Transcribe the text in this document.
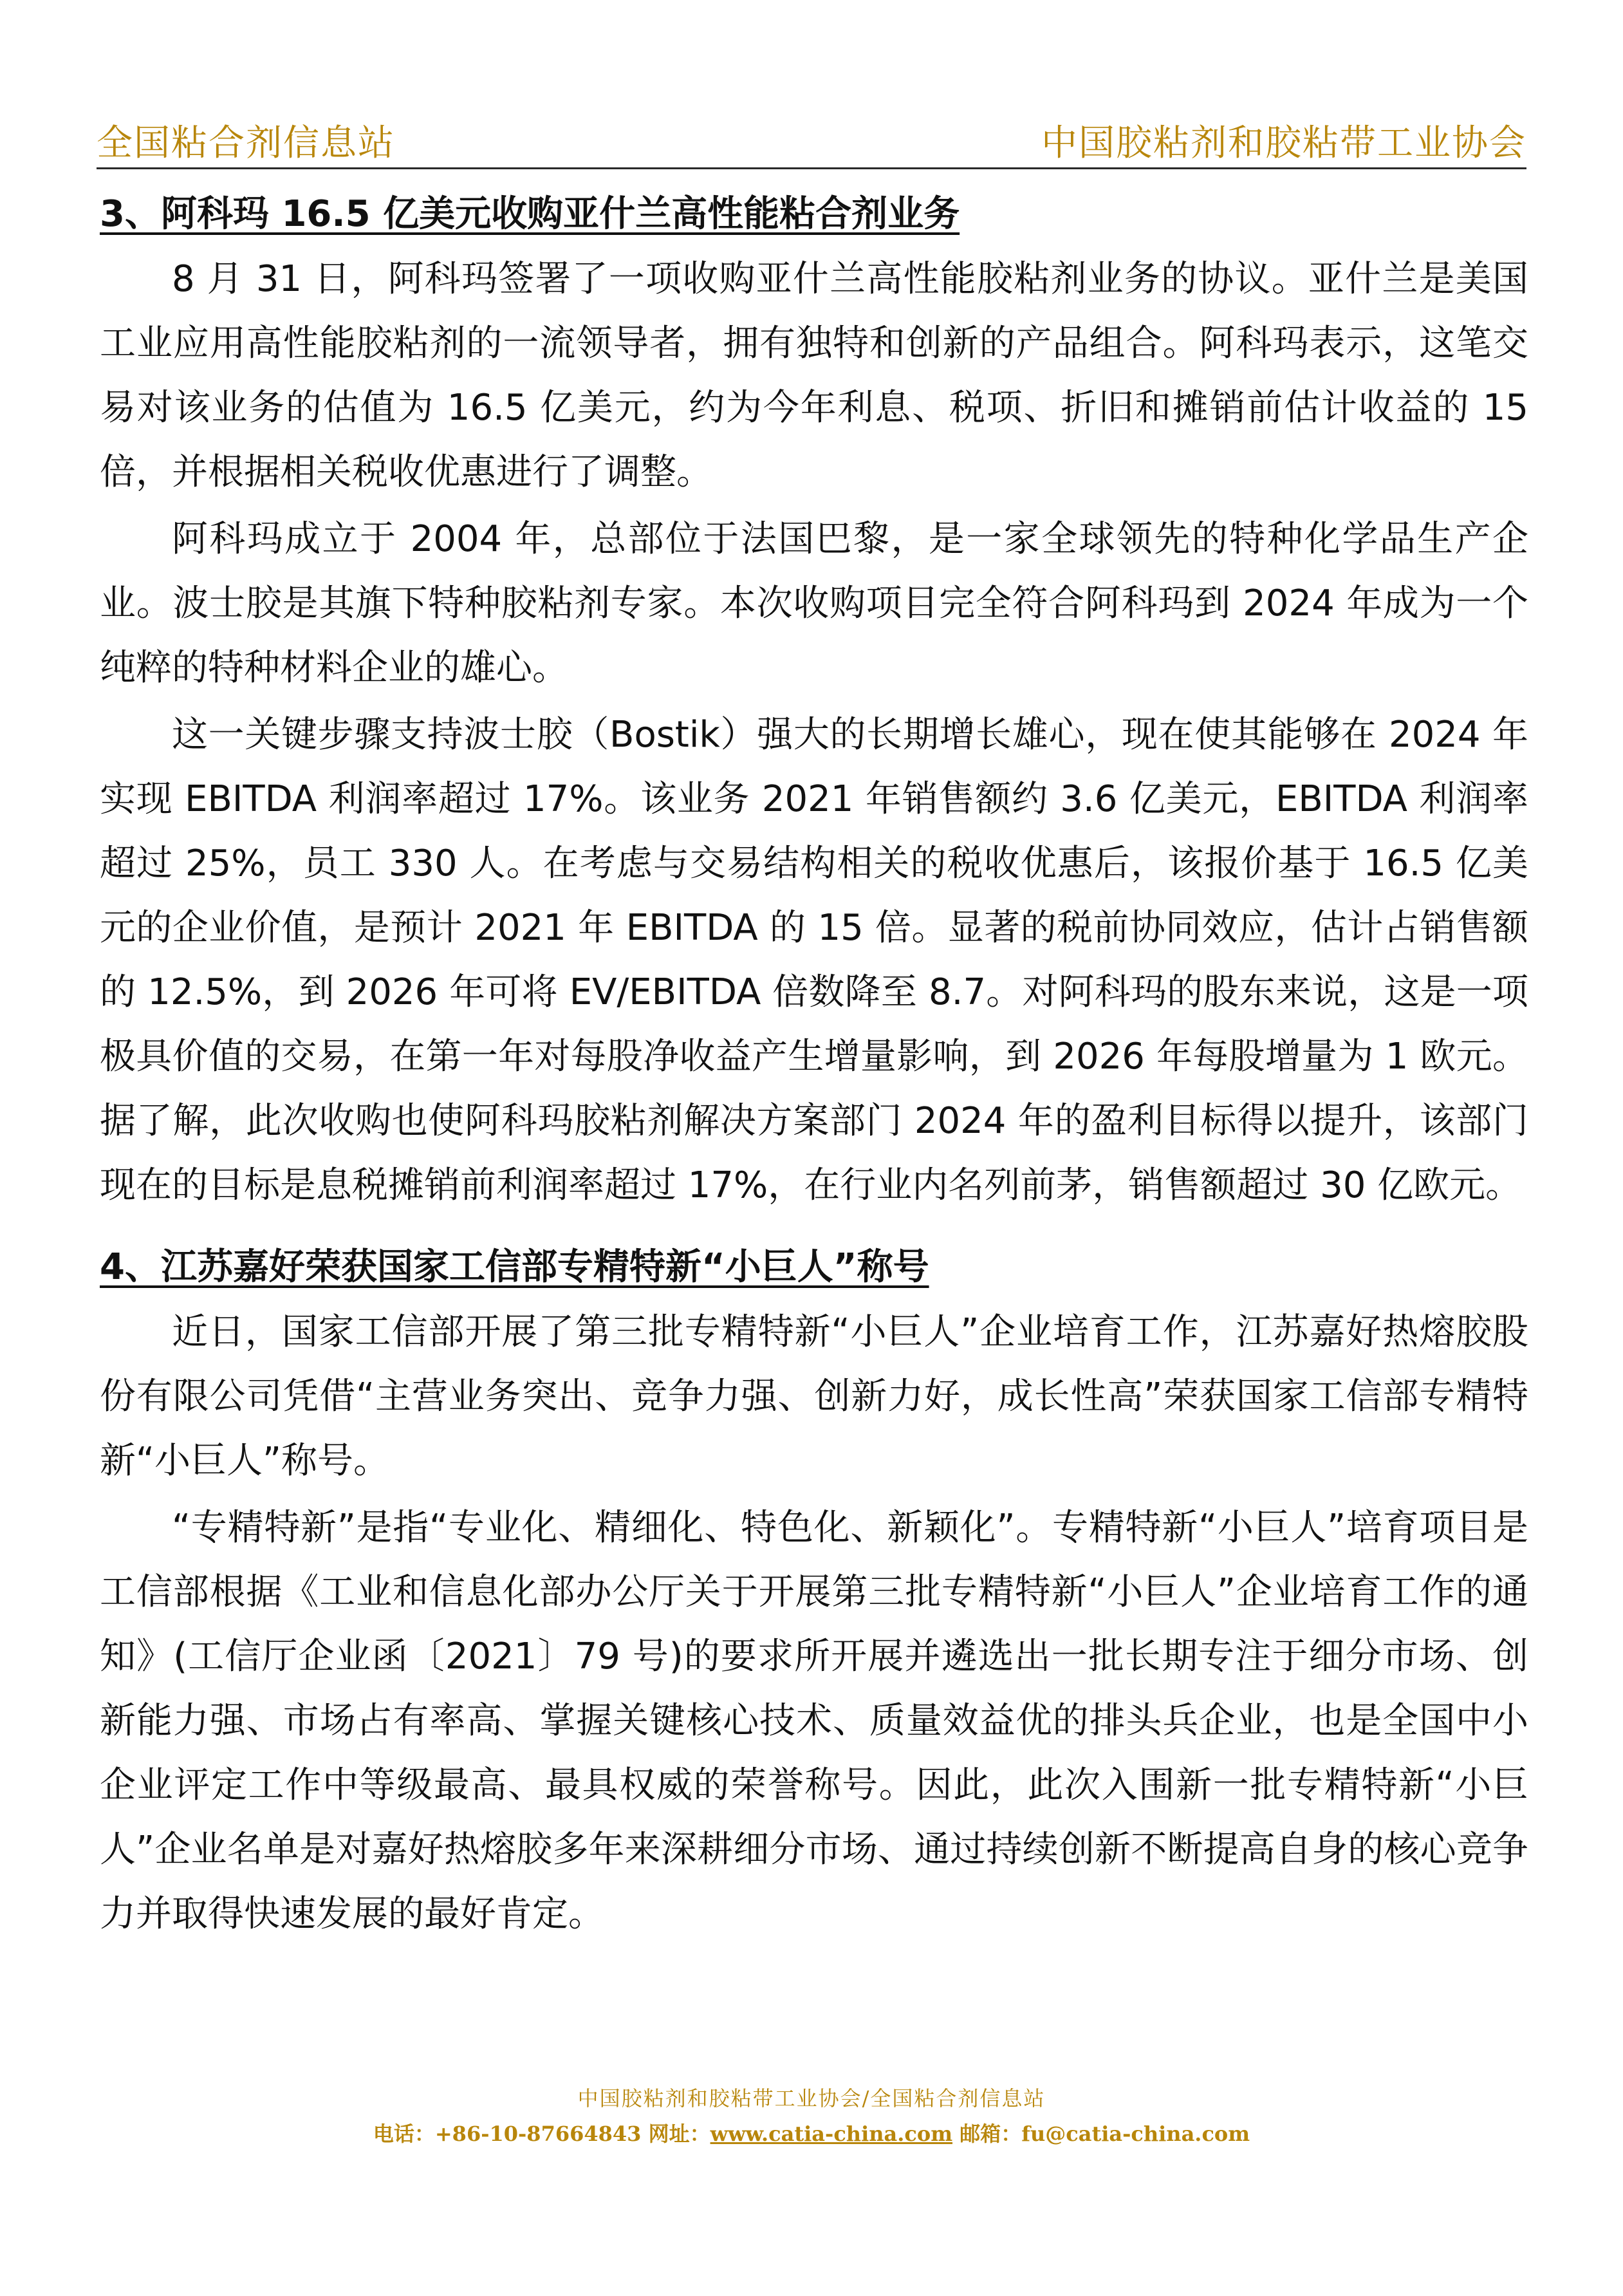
全国粘合剂信息站	中国胶粘剂和胶粘带工业协会
3、阿科玛 16.5 亿美元收购亚什兰高性能粘合剂业务

8 月 31 日，阿科玛签署了一项收购亚什兰高性能胶粘剂业务的协议。亚什兰是美国工业应用高性能胶粘剂的一流领导者，拥有独特和创新的产品组合。阿科玛表示，这笔交易对该业务的估值为 16.5 亿美元，约为今年利息、税项、折旧和摊销前估计收益的 15 倍，并根据相关税收优惠进行了调整。

阿科玛成立于 2004 年，总部位于法国巴黎，是一家全球领先的特种化学品生产企业。波士胶是其旗下特种胶粘剂专家。本次收购项目完全符合阿科玛到 2024 年成为一个纯粹的特种材料企业的雄心。

这一关键步骤支持波士胶（Bostik）强大的长期增长雄心，现在使其能够在 2024 年实现 EBITDA 利润率超过 17%。该业务 2021 年销售额约 3.6 亿美元，EBITDA 利润率超过 25%，员工 330 人。在考虑与交易结构相关的税收优惠后，该报价基于 16.5 亿美元的企业价值，是预计 2021 年 EBITDA 的 15 倍。显著的税前协同效应，估计占销售额的 12.5%，到 2026 年可将 EV/EBITDA 倍数降至 8.7。对阿科玛的股东来说，这是一项极具价值的交易，在第一年对每股净收益产生增量影响，到 2026 年每股增量为 1 欧元。据了解，此次收购也使阿科玛胶粘剂解决方案部门 2024 年的盈利目标得以提升，该部门现在的目标是息税摊销前利润率超过 17%，在行业内名列前茅，销售额超过 30 亿欧元。

4、江苏嘉好荣获国家工信部专精特新“小巨人”称号

近日，国家工信部开展了第三批专精特新“小巨人”企业培育工作，江苏嘉好热熔胶股份有限公司凭借“主营业务突出、竞争力强、创新力好，成长性高”荣获国家工信部专精特新“小巨人”称号。

“专精特新”是指“专业化、精细化、特色化、新颖化”。专精特新“小巨人”培育项目是工信部根据《工业和信息化部办公厅关于开展第三批专精特新“小巨人”企业培育工作的通知》(工信厅企业函〔2021〕79 号)的要求所开展并遴选出一批长期专注于细分市场、创新能力强、市场占有率高、掌握关键核心技术、质量效益优的排头兵企业，也是全国中小企业评定工作中等级最高、最具权威的荣誉称号。因此，此次入围新一批专精特新“小巨人”企业名单是对嘉好热熔胶多年来深耕细分市场、通过持续创新不断提高自身的核心竞争力并取得快速发展的最好肯定。

中国胶粘剂和胶粘带工业协会/全国粘合剂信息站
电话：+86-10-87664843 网址：www.catia-china.com 邮箱：fu@catia-china.com
